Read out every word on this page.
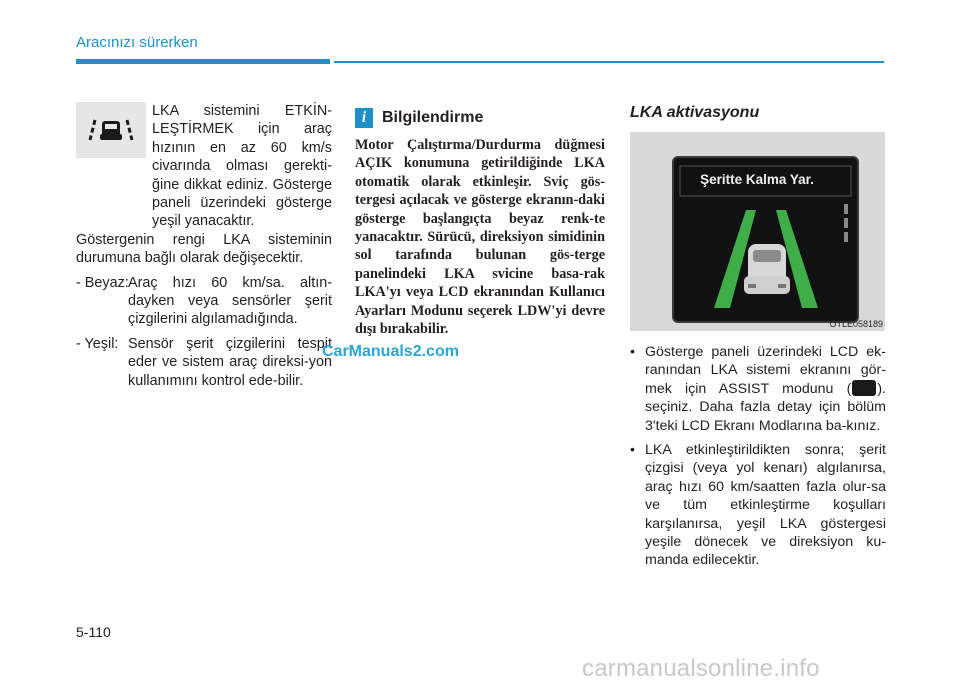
Aracınızı sürerken

LKA sistemini ETKİN-LEŞTİRMEK için araç hızının en az 60 km/s civarında olması gerekti-ğine dikkat ediniz. Gösterge paneli üzerindeki gösterge yeşil yanacaktır.

Göstergenin rengi LKA sisteminin durumuna bağlı olarak değişecektir.

- Beyaz: Araç hızı 60 km/sa. altın-dayken veya sensörler şerit çizgilerini algılamadığında.
- Yeşil: Sensör şerit çizgilerini tespit eder ve sistem araç direksi-yon kullanımını kontrol ede-bilir.
i Bilgilendirme

Motor Çalıştırma/Durdurma düğmesi AÇIK konumuna getirildiğinde LKA otomatik olarak etkinleşir. Sviç gös-tergesi açılacak ve gösterge ekranın-daki gösterge başlangıçta beyaz renk-te yanacaktır. Sürücü, direksiyon simidinin sol tarafında bulunan gös-terge panelindeki LKA svicine basa-rak LKA'yı veya LCD ekranından Kullanıcı Ayarları Modunu seçerek LDW'yi devre dışı bırakabilir.

LKA aktivasyonu
Şeritte Kalma Yar.
OTLE058189
• Gösterge paneli üzerindeki LCD ek-ranından LKA sistemi ekranını gör-mek için ASSIST modunu ( ). seçiniz. Daha fazla detay için bölüm 3'teki LCD Ekranı Modlarına ba-kınız.
• LKA etkinleştirildikten sonra; şerit çizgisi (veya yol kenarı) algılanırsa, araç hızı 60 km/saatten fazla olur-sa ve tüm etkinleştirme koşulları karşılanırsa, yeşil LKA göstergesi yeşile dönecek ve direksiyon ku-manda edilecektir.
CarManuals2.com
5-110
carmanualsonline.info
